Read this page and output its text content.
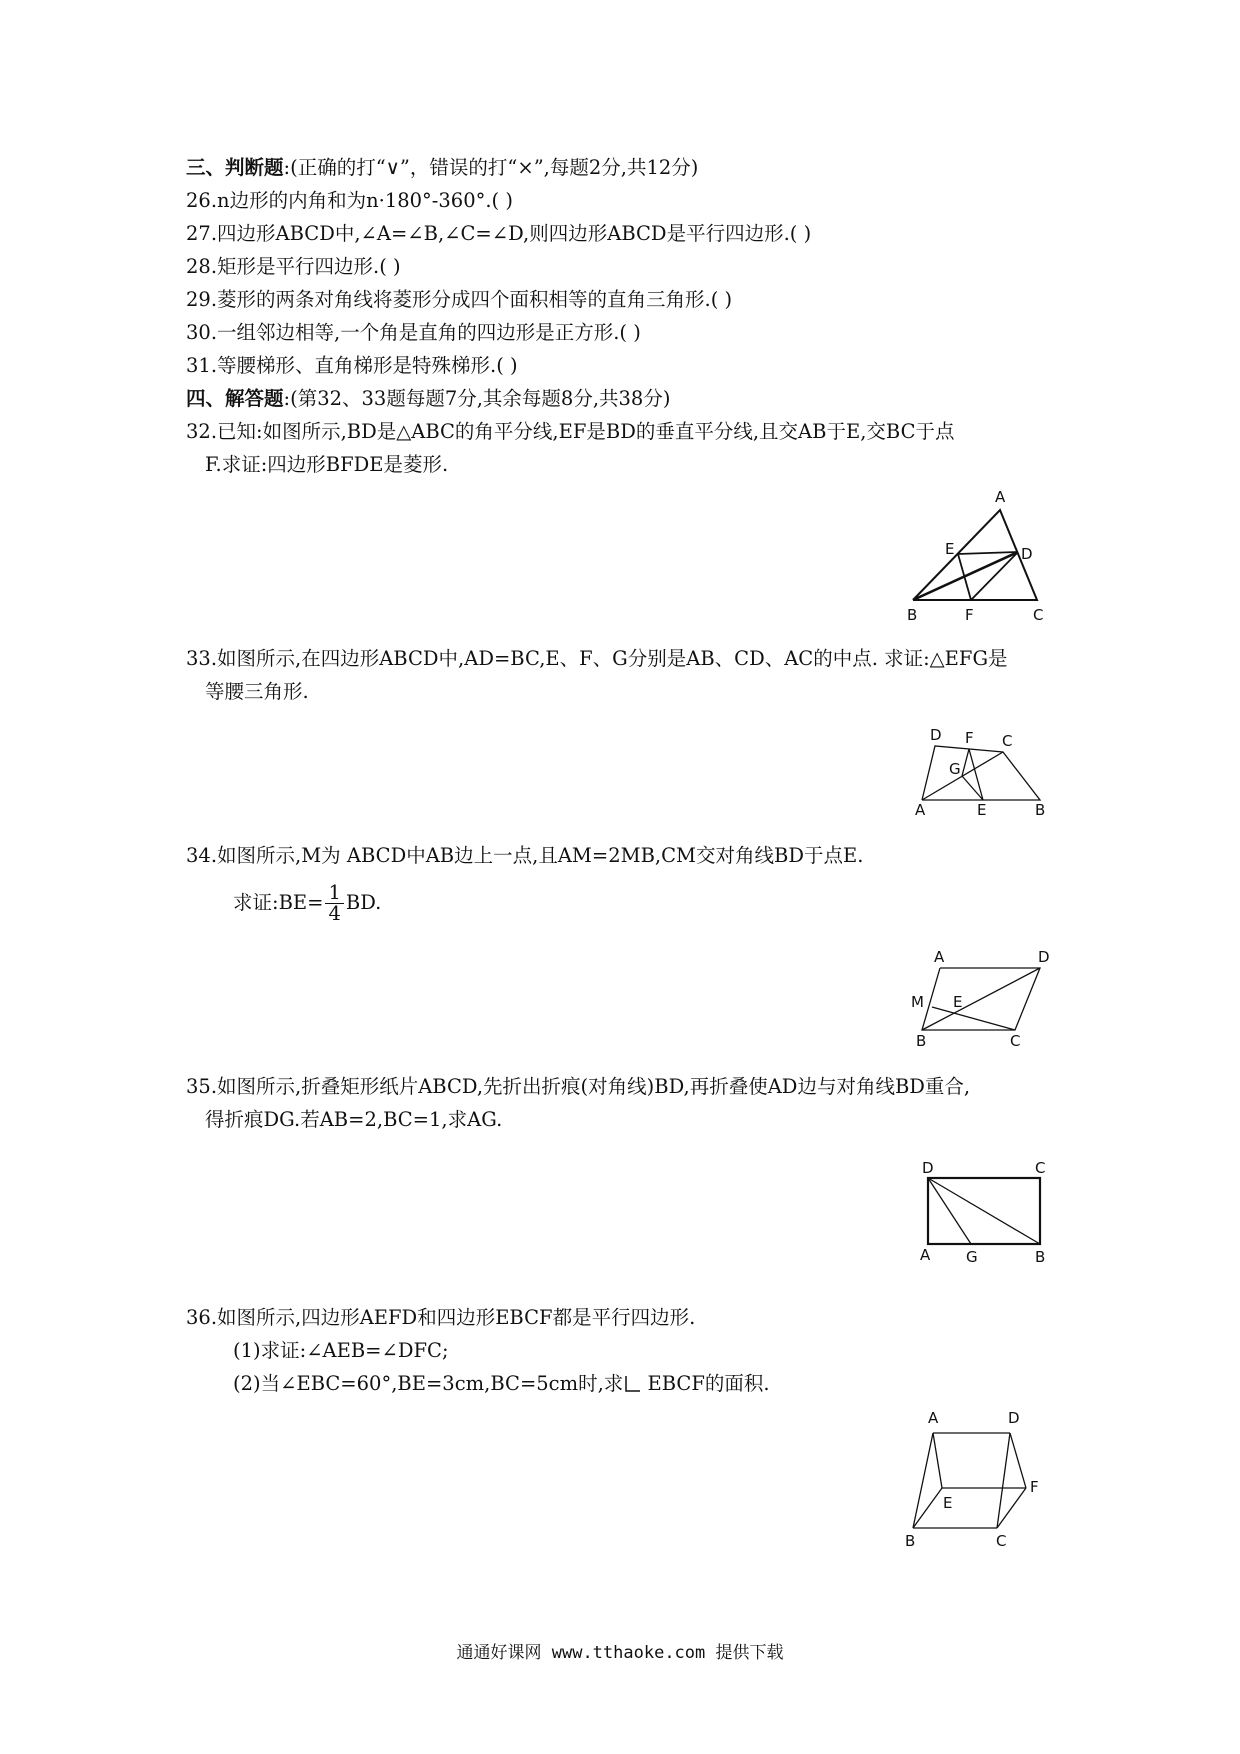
三、判断题:(正确的打“∨”，错误的打“×”,每题2分,共12分)
26.n边形的内角和为n·180°-360°.( )
27.四边形ABCD中,∠A=∠B,∠C=∠D,则四边形ABCD是平行四边形.( )
28.矩形是平行四边形.( )
29.菱形的两条对角线将菱形分成四个面积相等的直角三角形.( )
30.一组邻边相等,一个角是直角的四边形是正方形.( )
31.等腰梯形、直角梯形是特殊梯形.( )
四、解答题:(第32、33题每题7分,其余每题8分,共38分)
32.已知:如图所示,BD是△ABC的角平分线,EF是BD的垂直平分线,且交AB于E,交BC于点
F.求证:四边形BFDE是菱形.
A
E	D
B	F	C
33.如图所示,在四边形ABCD中,AD=BC,E、F、G分别是AB、CD、AC的中点. 求证:△EFG是
等腰三角形.
D F C
G
A	E	B
34.如图所示,M为 ABCD中AB边上一点,且AM=2MB,CM交对角线BD于点E.
求证:BE= $\frac{1}{4}$ BD.
A	D
M E
B	C
35.如图所示,折叠矩形纸片ABCD,先折出折痕(对角线)BD,再折叠使AD边与对角线BD重合,
得折痕DG.若AB=2,BC=1,求AG.
D	C
A G	B
36.如图所示,四边形AEFD和四边形EBCF都是平行四边形.
(1)求证:∠AEB=∠DFC;
(2)当∠EBC=60°,BE=3cm,BC=5cm时,求 EBCF的面积.
A	D
E
F
B	C
通通好课网 www.tthaoke.com 提供下载
